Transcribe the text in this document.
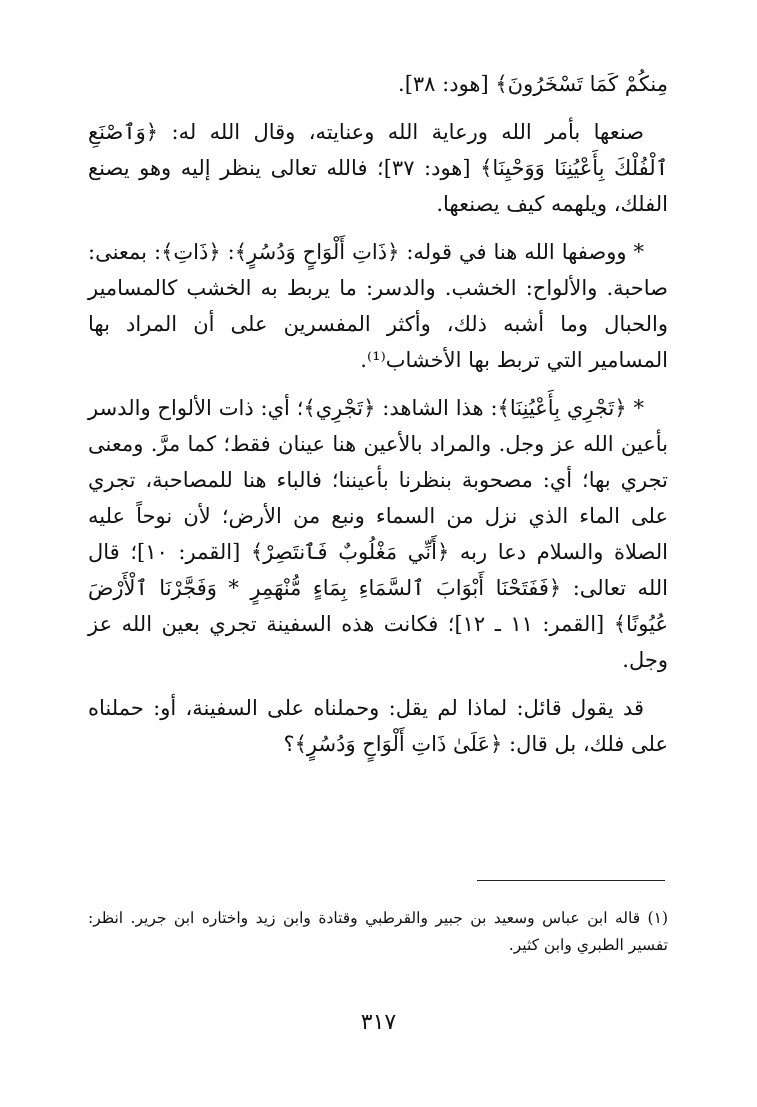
مِنكُمْ كَمَا تَسْخَرُونَ﴾ [هود: ٣٨].

صنعها بأمر الله ورعاية الله وعنايته، وقال الله له: ﴿وَٱصْنَعِ ٱلْفُلْكَ بِأَعْيُنِنَا وَوَحْيِنَا﴾ [هود: ٣٧]؛ فالله تعالى ينظر إليه وهو يصنع الفلك، ويلهمه كيف يصنعها.

* ووصفها الله هنا في قوله: ﴿ذَاتِ أَلْوَاحٍ وَدُسُرٍ﴾: ﴿ذَاتِ﴾: بمعنى: صاحبة. والألواح: الخشب. والدسر: ما يربط به الخشب كالمسامير والحبال وما أشبه ذلك، وأكثر المفسرين على أن المراد بها المسامير التي تربط بها الأخشاب⁽¹⁾.

* ﴿تَجْرِي بِأَعْيُنِنَا﴾: هذا الشاهد: ﴿تَجْرِي﴾؛ أي: ذات الألواح والدسر بأعين الله عز وجل. والمراد بالأعين هنا عينان فقط؛ كما مرَّ. ومعنى تجري بها؛ أي: مصحوبة بنظرنا بأعيننا؛ فالباء هنا للمصاحبة، تجري على الماء الذي نزل من السماء ونبع من الأرض؛ لأن نوحاً عليه الصلاة والسلام دعا ربه ﴿أَنِّي مَغْلُوبٌ فَٱنتَصِرْ﴾ [القمر: ١٠]؛ قال الله تعالى: ﴿فَفَتَحْنَا أَبْوَابَ ٱلسَّمَاءِ بِمَاءٍ مُّنْهَمِرٍ * وَفَجَّرْنَا ٱلْأَرْضَ عُيُونًا﴾ [القمر: ١١ ـ ١٢]؛ فكانت هذه السفينة تجري بعين الله عز وجل.

قد يقول قائل: لماذا لم يقل: وحملناه على السفينة، أو: حملناه على فلك، بل قال: ﴿عَلَىٰ ذَاتِ أَلْوَاحٍ وَدُسُرٍ﴾؟

(١) قاله ابن عباس وسعيد بن جبير والقرطبي وقتادة وابن زيد واختاره ابن جرير. انظر: تفسير الطبري وابن كثير.
٣١٧
